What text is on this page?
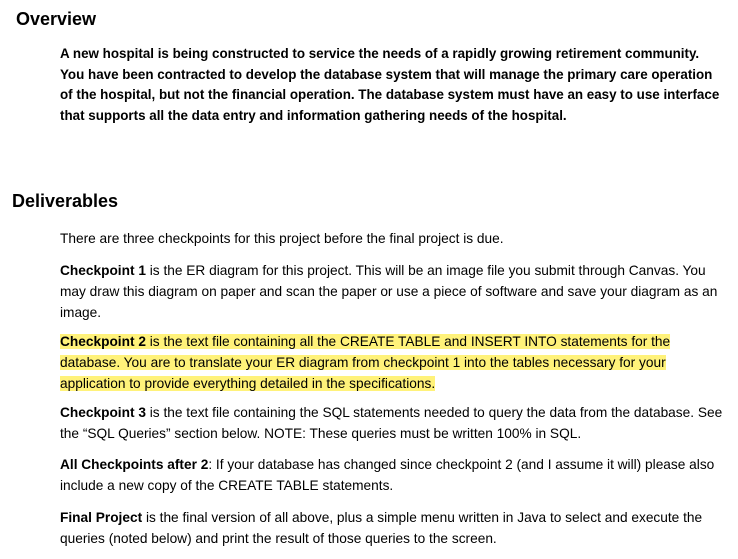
Overview

A new hospital is being constructed to service the needs of a rapidly growing retirement community. You have been contracted to develop the database system that will manage the primary care operation of the hospital, but not the financial operation. The database system must have an easy to use interface that supports all the data entry and information gathering needs of the hospital.

Deliverables

There are three checkpoints for this project before the final project is due.

Checkpoint 1 is the ER diagram for this project. This will be an image file you submit through Canvas. You may draw this diagram on paper and scan the paper or use a piece of software and save your diagram as an image.

Checkpoint 2 is the text file containing all the CREATE TABLE and INSERT INTO statements for the database. You are to translate your ER diagram from checkpoint 1 into the tables necessary for your application to provide everything detailed in the specifications.

Checkpoint 3 is the text file containing the SQL statements needed to query the data from the database. See the “SQL Queries” section below. NOTE: These queries must be written 100% in SQL.

All Checkpoints after 2: If your database has changed since checkpoint 2 (and I assume it will) please also include a new copy of the CREATE TABLE statements.

Final Project is the final version of all above, plus a simple menu written in Java to select and execute the queries (noted below) and print the result of those queries to the screen.
